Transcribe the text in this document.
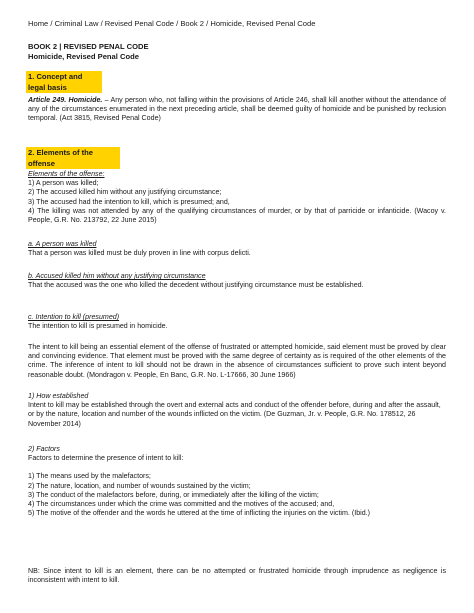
Home / Criminal Law / Revised Penal Code / Book 2 / Homicide, Revised Penal Code
BOOK 2 | REVISED PENAL CODE
Homicide, Revised Penal Code
1. Concept and legal basis
Article 249. Homicide. – Any person who, not falling within the provisions of Article 246, shall kill another without the attendance of any of the circumstances enumerated in the next preceding article, shall be deemed guilty of homicide and be punished by reclusion temporal. (Act 3815, Revised Penal Code)
2. Elements of the offense

Elements of the offense:

1) A person was killed;

2) The accused killed him without any justifying circumstance;

3) The accused had the intention to kill, which is presumed; and,

4) The killing was not attended by any of the qualifying circumstances of murder, or by that of parricide or infanticide. (Wacoy v. People, G.R. No. 213792, 22 June 2015)

a. A person was killed

That a person was killed must be duly proven in line with corpus delicti.

b. Accused killed him without any justifying circumstance

That the accused was the one who killed the decedent without justifying circumstance must be established.

c. Intention to kill (presumed)

The intention to kill is presumed in homicide.

The intent to kill being an essential element of the offense of frustrated or attempted homicide, said element must be proved by clear and convincing evidence. That element must be proved with the same degree of certainty as is required of the other elements of the crime. The inference of intent to kill should not be drawn in the absence of circumstances sufficient to prove such intent beyond reasonable doubt. (Mondragon v. People, En Banc, G.R. No. L-17666, 30 June 1966)

1) How established

Intent to kill may be established through the overt and external acts and conduct of the offender before, during and after the assault, or by the nature, location and number of the wounds inflicted on the victim. (De Guzman, Jr. v. People, G.R. No. 178512, 26 November 2014)

2) Factors

Factors to determine the presence of intent to kill:

1) The means used by the malefactors;

2) The nature, location, and number of wounds sustained by the victim;

3) The conduct of the malefactors before, during, or immediately after the killing of the victim;

4) The circumstances under which the crime was committed and the motives of the accused; and,

5) The motive of the offender and the words he uttered at the time of inflicting the injuries on the victim. (Ibid.)

NB: Since intent to kill is an element, there can be no attempted or frustrated homicide through imprudence as negligence is inconsistent with intent to kill.
